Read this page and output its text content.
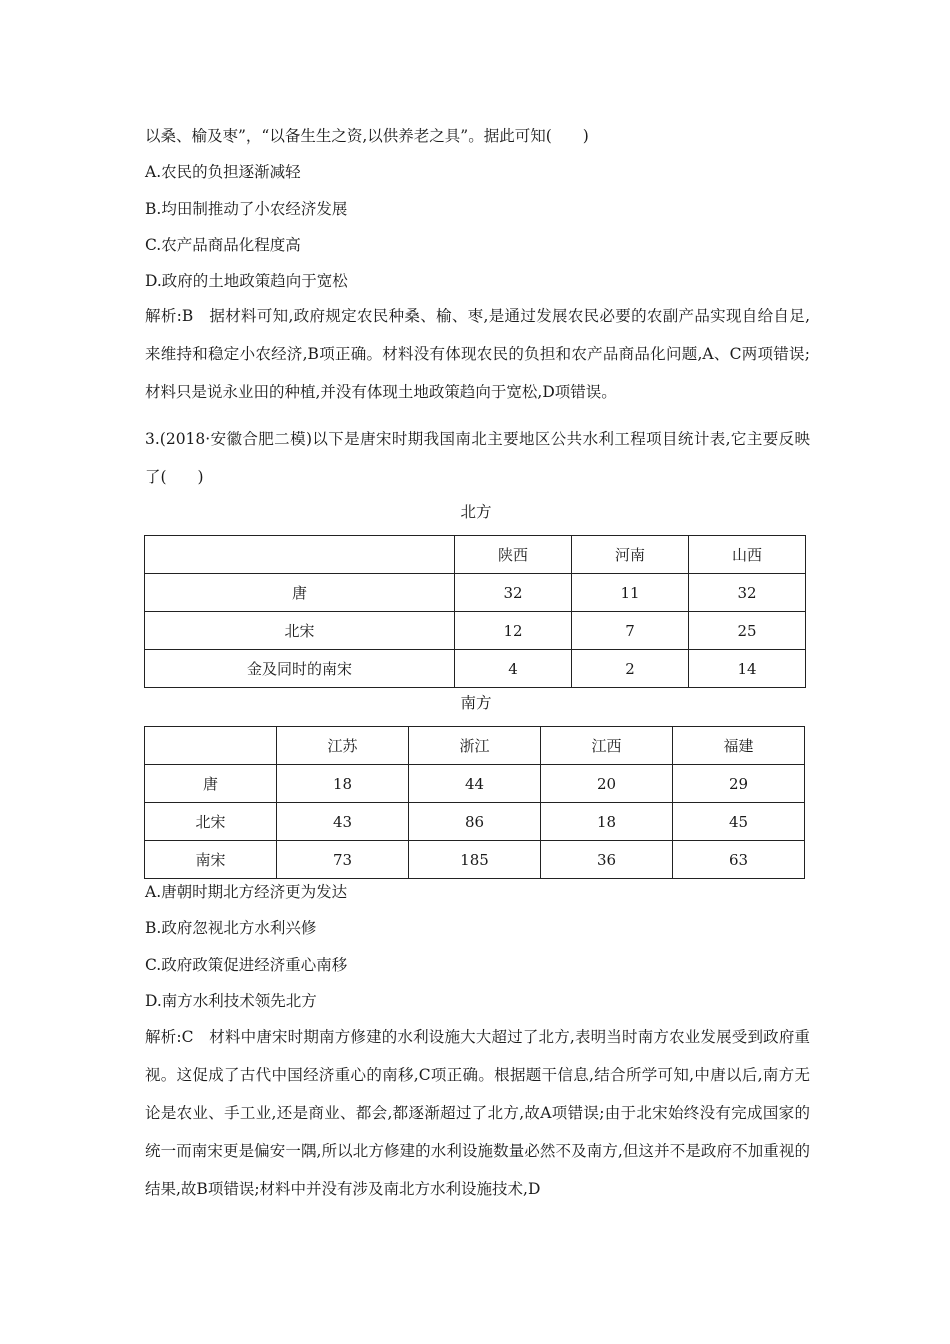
以桑、榆及枣”，“以备生生之资,以供养老之具”。据此可知(　　)
A.农民的负担逐渐减轻
B.均田制推动了小农经济发展
C.农产品商品化程度高
D.政府的土地政策趋向于宽松
解析:B　据材料可知,政府规定农民种桑、榆、枣,是通过发展农民必要的农副产品实现自给自足,来维持和稳定小农经济,B项正确。材料没有体现农民的负担和农产品商品化问题,A、C两项错误;材料只是说永业田的种植,并没有体现土地政策趋向于宽松,D项错误。
3.(2018·安徽合肥二模)以下是唐宋时期我国南北主要地区公共水利工程项目统计表,它主要反映了(　　)
北方
	陕西	河南	山西
唐	32	11	32
北宋	12	7	25
金及同时的南宋	4	2	14
南方
	江苏	浙江	江西	福建
唐	18	44	20	29
北宋	43	86	18	45
南宋	73	185	36	63
A.唐朝时期北方经济更为发达
B.政府忽视北方水利兴修
C.政府政策促进经济重心南移
D.南方水利技术领先北方
解析:C　材料中唐宋时期南方修建的水利设施大大超过了北方,表明当时南方农业发展受到政府重视。这促成了古代中国经济重心的南移,C项正确。根据题干信息,结合所学可知,中唐以后,南方无论是农业、手工业,还是商业、都会,都逐渐超过了北方,故A项错误;由于北宋始终没有完成国家的统一而南宋更是偏安一隅,所以北方修建的水利设施数量必然不及南方,但这并不是政府不加重视的结果,故B项错误;材料中并没有涉及南北方水利设施技术,D
